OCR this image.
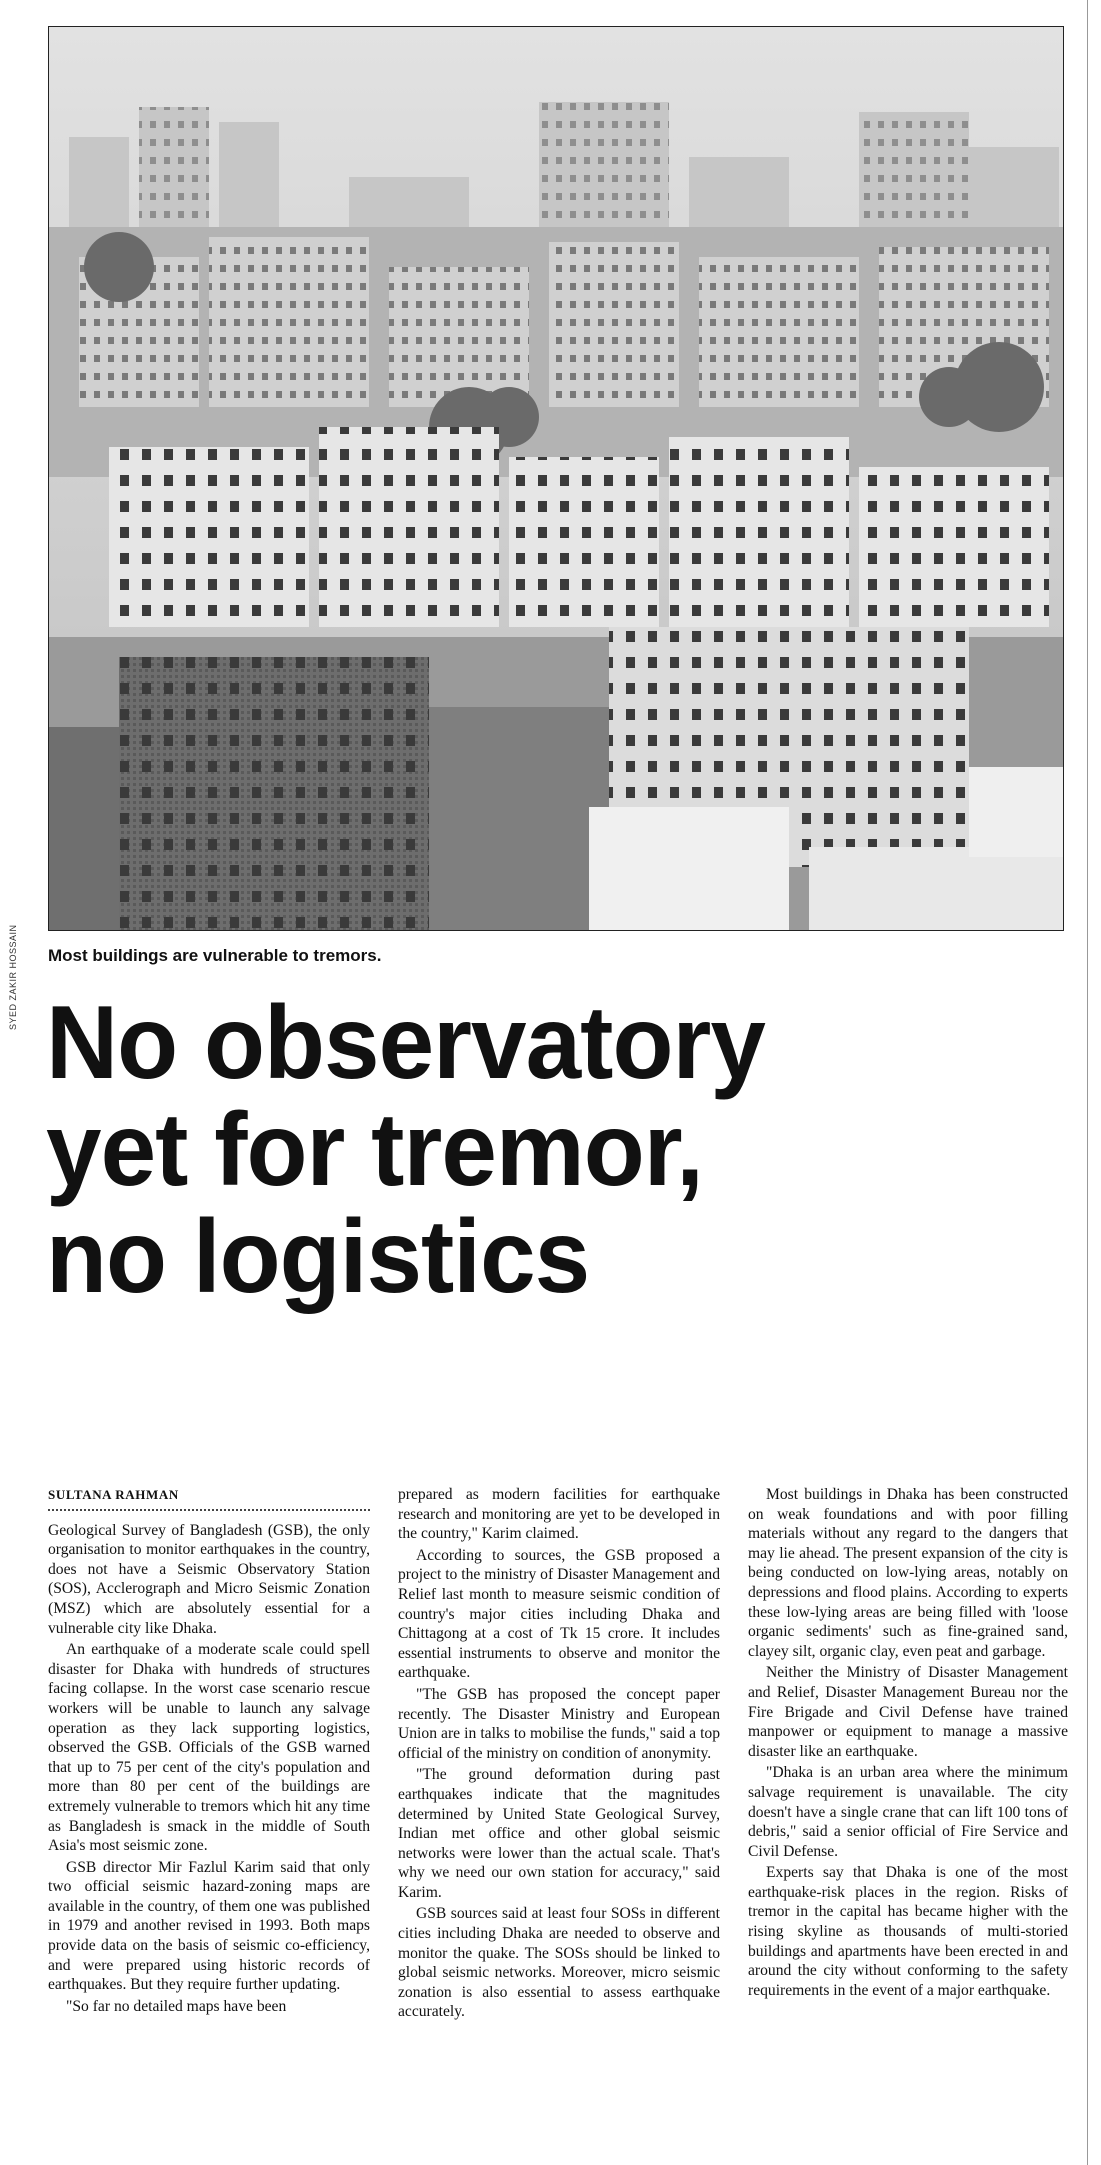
SYED ZAKIR HOSSAIN Most buildings are vulnerable to tremors.
No observatory
yet for tremor,
no logistics
SULTANA RAHMAN

Geological Survey of Bangladesh (GSB), the only organisation to monitor earthquakes in the country, does not have a Seismic Observatory Station (SOS), Acclerograph and Micro Seismic Zonation (MSZ) which are absolutely essential for a vulnerable city like Dhaka.

An earthquake of a moderate scale could spell disaster for Dhaka with hundreds of structures facing collapse. In the worst case scenario rescue workers will be unable to launch any salvage operation as they lack supporting logistics, observed the GSB. Officials of the GSB warned that up to 75 per cent of the city's population and more than 80 per cent of the buildings are extremely vulnerable to tremors which hit any time as Bangladesh is smack in the middle of South Asia's most seismic zone.

GSB director Mir Fazlul Karim said that only two official seismic hazard-zoning maps are available in the country, of them one was published in 1979 and another revised in 1993. Both maps provide data on the basis of seismic co-efficiency, and were prepared using historic records of earthquakes. But they require further updating.

"So far no detailed maps have been

prepared as modern facilities for earthquake research and monitoring are yet to be developed in the country," Karim claimed.

According to sources, the GSB proposed a project to the ministry of Disaster Management and Relief last month to measure seismic condition of country's major cities including Dhaka and Chittagong at a cost of Tk 15 crore. It includes essential instruments to observe and monitor the earthquake.

"The GSB has proposed the concept paper recently. The Disaster Ministry and European Union are in talks to mobilise the funds," said a top official of the ministry on condition of anonymity.

"The ground deformation during past earthquakes indicate that the magnitudes determined by United State Geological Survey, Indian met office and other global seismic networks were lower than the actual scale. That's why we need our own station for accuracy," said Karim.

GSB sources said at least four SOSs in different cities including Dhaka are needed to observe and monitor the quake. The SOSs should be linked to global seismic networks. Moreover, micro seismic zonation is also essential to assess earthquake accurately.

Most buildings in Dhaka has been constructed on weak foundations and with poor filling materials without any regard to the dangers that may lie ahead. The present expansion of the city is being conducted on low-lying areas, notably on depressions and flood plains. According to experts these low-lying areas are being filled with 'loose organic sediments' such as fine-grained sand, clayey silt, organic clay, even peat and garbage.

Neither the Ministry of Disaster Management and Relief, Disaster Management Bureau nor the Fire Brigade and Civil Defense have trained manpower or equipment to manage a massive disaster like an earthquake.

"Dhaka is an urban area where the minimum salvage requirement is unavailable. The city doesn't have a single crane that can lift 100 tons of debris," said a senior official of Fire Service and Civil Defense.

Experts say that Dhaka is one of the most earthquake-risk places in the region. Risks of tremor in the capital has became higher with the rising skyline as thousands of multi-storied buildings and apartments have been erected in and around the city without conforming to the safety requirements in the event of a major earthquake.
